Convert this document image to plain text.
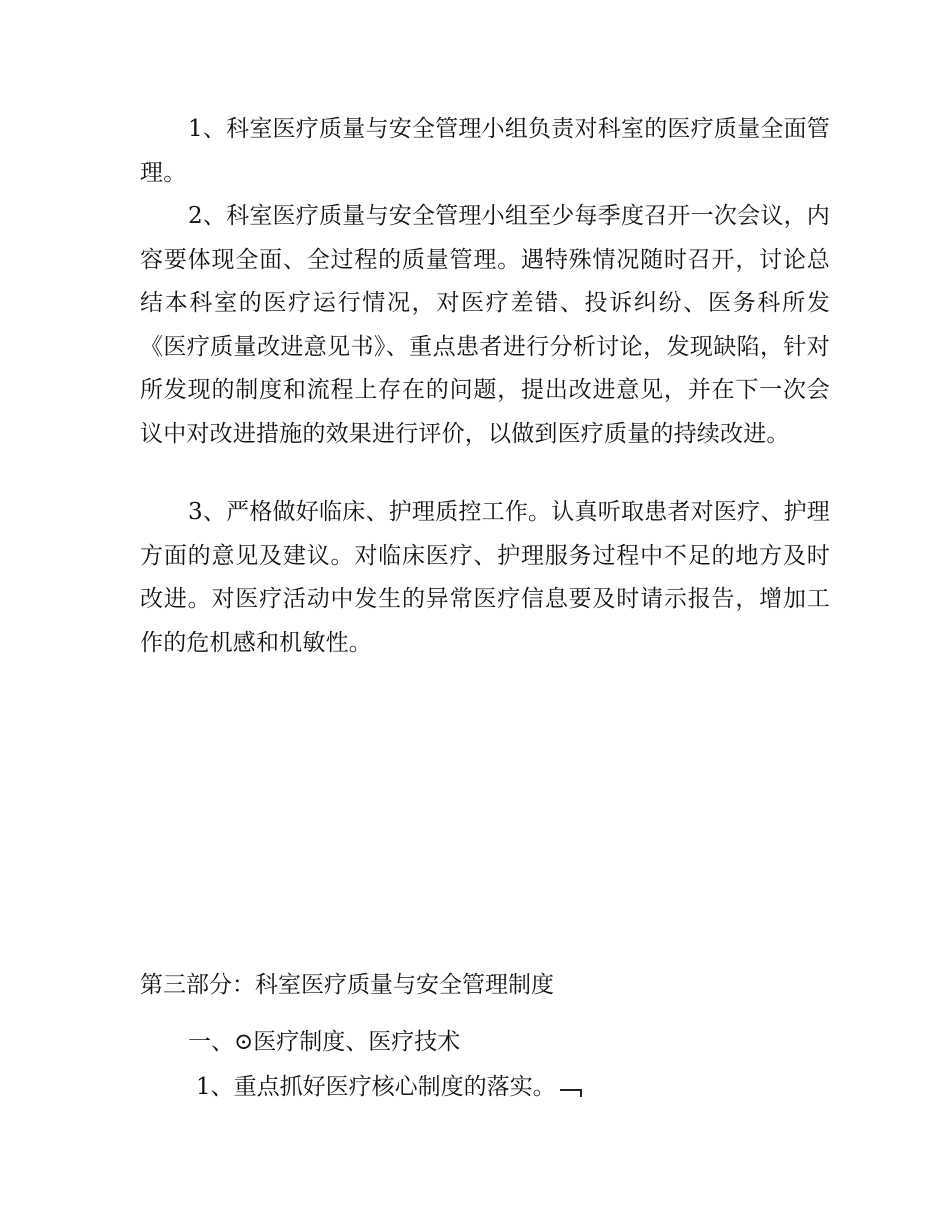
1、科室医疗质量与安全管理小组负责对科室的医疗质量全面管理。

2、科室医疗质量与安全管理小组至少每季度召开一次会议，内容要体现全面、全过程的质量管理。遇特殊情况随时召开，讨论总结本科室的医疗运行情况，对医疗差错、投诉纠纷、医务科所发《医疗质量改进意见书》、重点患者进行分析讨论，发现缺陷，针对所发现的制度和流程上存在的问题，提出改进意见，并在下一次会议中对改进措施的效果进行评价，以做到医疗质量的持续改进。

3、严格做好临床、护理质控工作。认真听取患者对医疗、护理方面的意见及建议。对临床医疗、护理服务过程中不足的地方及时改进。对医疗活动中发生的异常医疗信息要及时请示报告，增加工作的危机感和机敏性。

第三部分：科室医疗质量与安全管理制度

一、⊙医疗制度、医疗技术

1、重点抓好医疗核心制度的落实。
